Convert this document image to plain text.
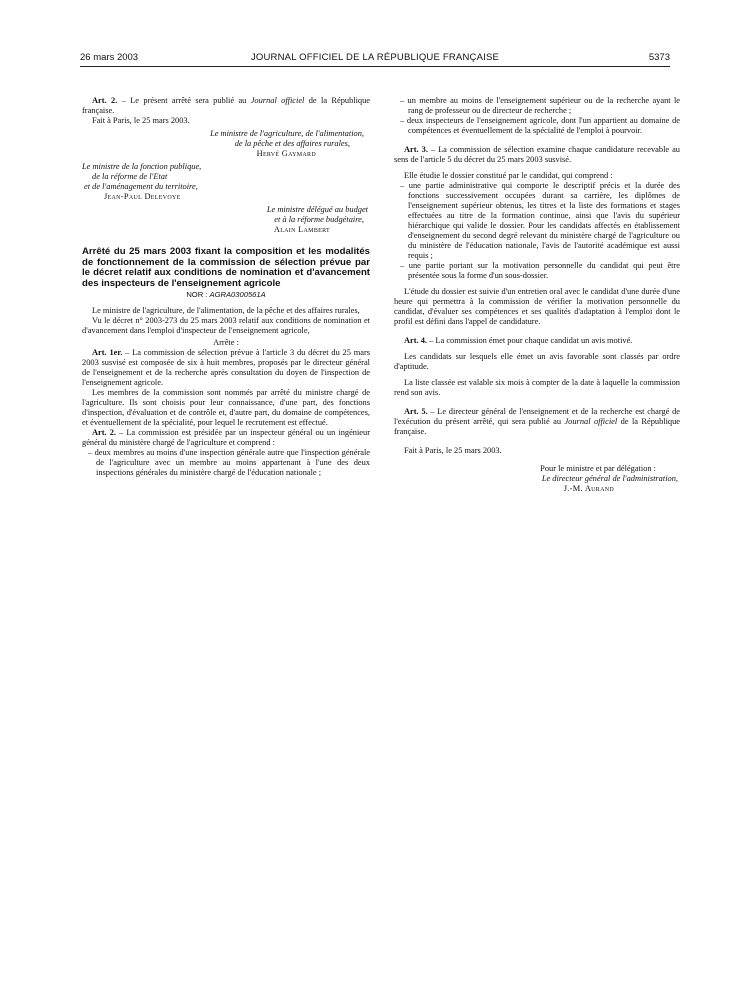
26 mars 2003	JOURNAL OFFICIEL DE LA RÉPUBLIQUE FRANÇAISE	5373

Art. 2. – Le présent arrêté sera publié au Journal officiel de la République française.

Fait à Paris, le 25 mars 2003.

Le ministre de l'agriculture, de l'alimentation,

de la pêche et des affaires rurales,

Hervé Gaymard

Le ministre de la fonction publique,

de la réforme de l'Etat

et de l'aménagement du territoire,

Jean-Paul Delevoye

Le ministre délégué au budget

et à la réforme budgétaire,

Alain Lambert

Arrêté du 25 mars 2003 fixant la composition et les modalités de fonctionnement de la commission de sélection prévue par le décret relatif aux conditions de nomination et d'avancement des inspecteurs de l'enseignement agricole

NOR : AGRA0300561A

Le ministre de l'agriculture, de l'alimentation, de la pêche et des affaires rurales,

Vu le décret n° 2003-273 du 25 mars 2003 relatif aux conditions de nomination et d'avancement dans l'emploi d'inspecteur de l'enseignement agricole,

Arrête :

Art. 1er. – La commission de sélection prévue à l'article 3 du décret du 25 mars 2003 susvisé est composée de six à huit membres, proposés par le directeur général de l'enseignement et de la recherche après consultation du doyen de l'inspection de l'enseignement agricole.

Les membres de la commission sont nommés par arrêté du ministre chargé de l'agriculture. Ils sont choisis pour leur connaissance, d'une part, des fonctions d'inspection, d'évaluation et de contrôle et, d'autre part, du domaine de compétences, et éventuellement de la spécialité, pour lequel le recrutement est effectué.

Art. 2. – La commission est présidée par un inspecteur général ou un ingénieur général du ministère chargé de l'agriculture et comprend :

– deux membres au moins d'une inspection générale autre que l'inspection générale de l'agriculture avec un membre au moins appartenant à l'une des deux inspections générales du ministère chargé de l'éducation nationale ;

– un membre au moins de l'enseignement supérieur ou de la recherche ayant le rang de professeur ou de directeur de recherche ;

– deux inspecteurs de l'enseignement agricole, dont l'un appartient au domaine de compétences et éventuellement de la spécialité de l'emploi à pourvoir.

Art. 3. – La commission de sélection examine chaque candidature recevable au sens de l'article 5 du décret du 25 mars 2003 susvisé.

Elle étudie le dossier constitué par le candidat, qui comprend :

– une partie administrative qui comporte le descriptif précis et la durée des fonctions successivement occupées durant sa carrière, les diplômes de l'enseignement supérieur obtenus, les titres et la liste des formations et stages effectuées au titre de la formation continue, ainsi que l'avis du supérieur hiérarchique qui valide le dossier. Pour les candidats affectés en établissement d'enseignement du second degré relevant du ministère chargé de l'agriculture ou du ministère de l'éducation nationale, l'avis de l'autorité académique est aussi requis ;

– une partie portant sur la motivation personnelle du candidat qui peut être présentée sous la forme d'un sous-dossier.

L'étude du dossier est suivie d'un entretien oral avec le candidat d'une durée d'une heure qui permettra à la commission de vérifier la motivation personnelle du candidat, d'évaluer ses compétences et ses qualités d'adaptation à l'emploi dont le profil est défini dans l'appel de candidature.

Art. 4. – La commission émet pour chaque candidat un avis motivé.

Les candidats sur lesquels elle émet un avis favorable sont classés par ordre d'aptitude.

La liste classée est valable six mois à compter de la date à laquelle la commission rend son avis.

Art. 5. – Le directeur général de l'enseignement et de la recherche est chargé de l'exécution du présent arrêté, qui sera publié au Journal officiel de la République française.

Fait à Paris, le 25 mars 2003.

Pour le ministre et par délégation :

Le directeur général de l'administration,

J.-M. Aurand
